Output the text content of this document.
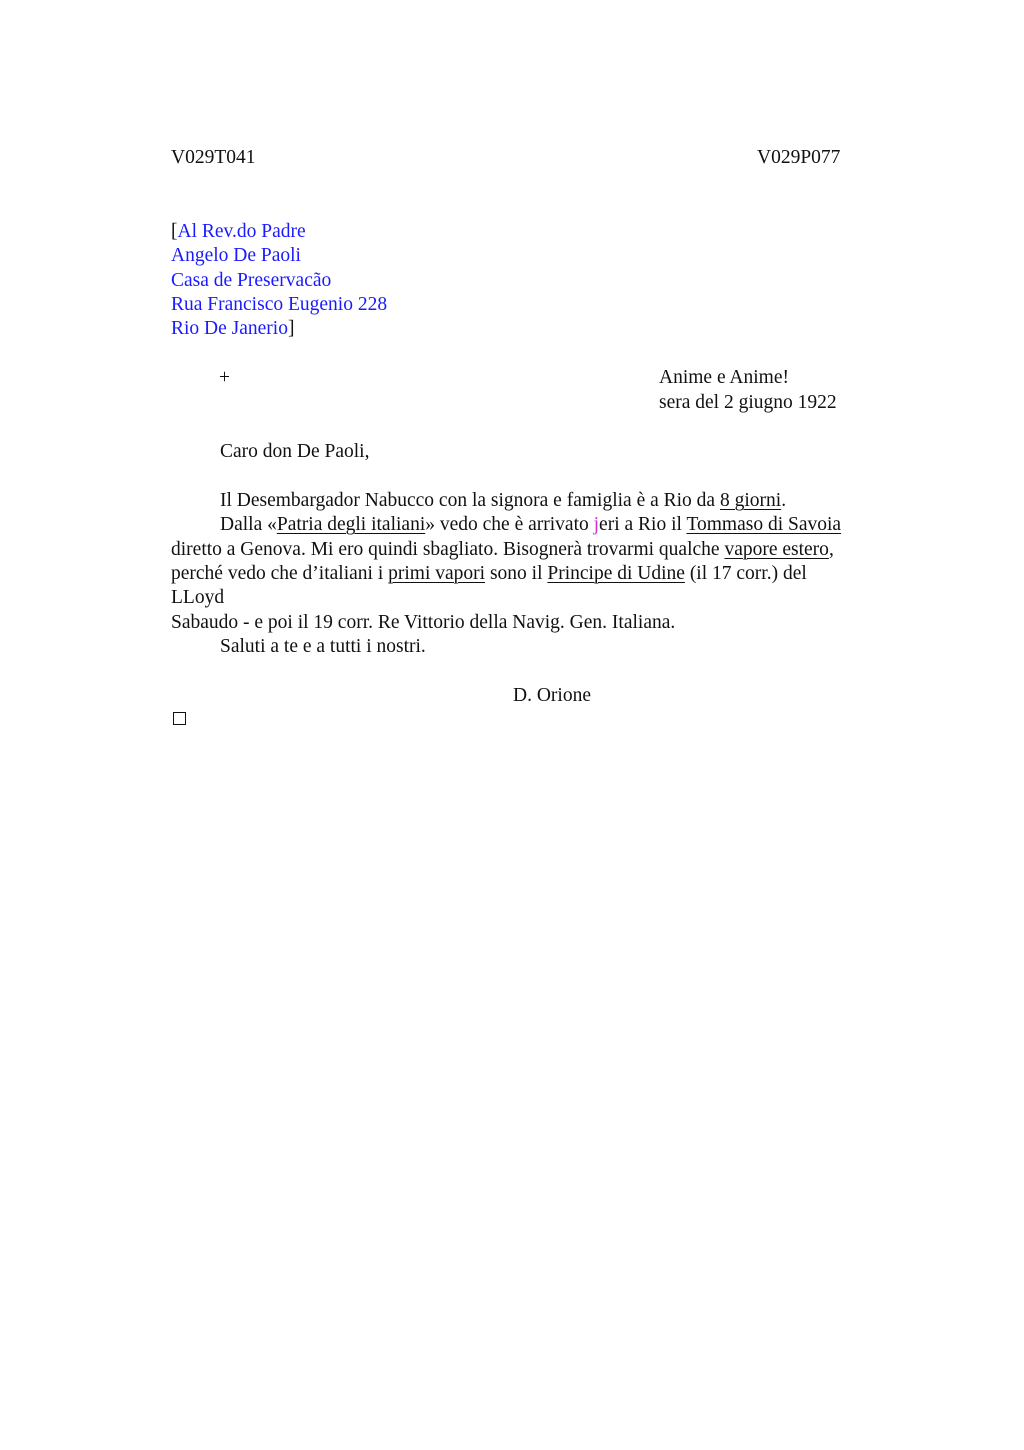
V029T041	V029P077
[Al Rev.do Padre
Angelo De Paoli
Casa de Preservacão
Rua Francisco Eugenio 228
Rio De Janerio]
+	Anime e Anime!
sera del 2 giugno 1922
Caro don De Paoli,
Il Desembargador Nabucco con la signora e famiglia è a Rio da 8 giorni.
Dalla «Patria degli italiani» vedo che è arrivato jeri a Rio il Tommaso di Savoia
diretto a Genova. Mi ero quindi sbagliato. Bisognerà trovarmi qualche vapore estero,
perché vedo che d’italiani i primi vapori sono il Principe di Udine (il 17 corr.) del
LLoyd
Sabaudo - e poi il 19 corr. Re Vittorio della Navig. Gen. Italiana.
Saluti a te e a tutti i nostri.
D. Orione
